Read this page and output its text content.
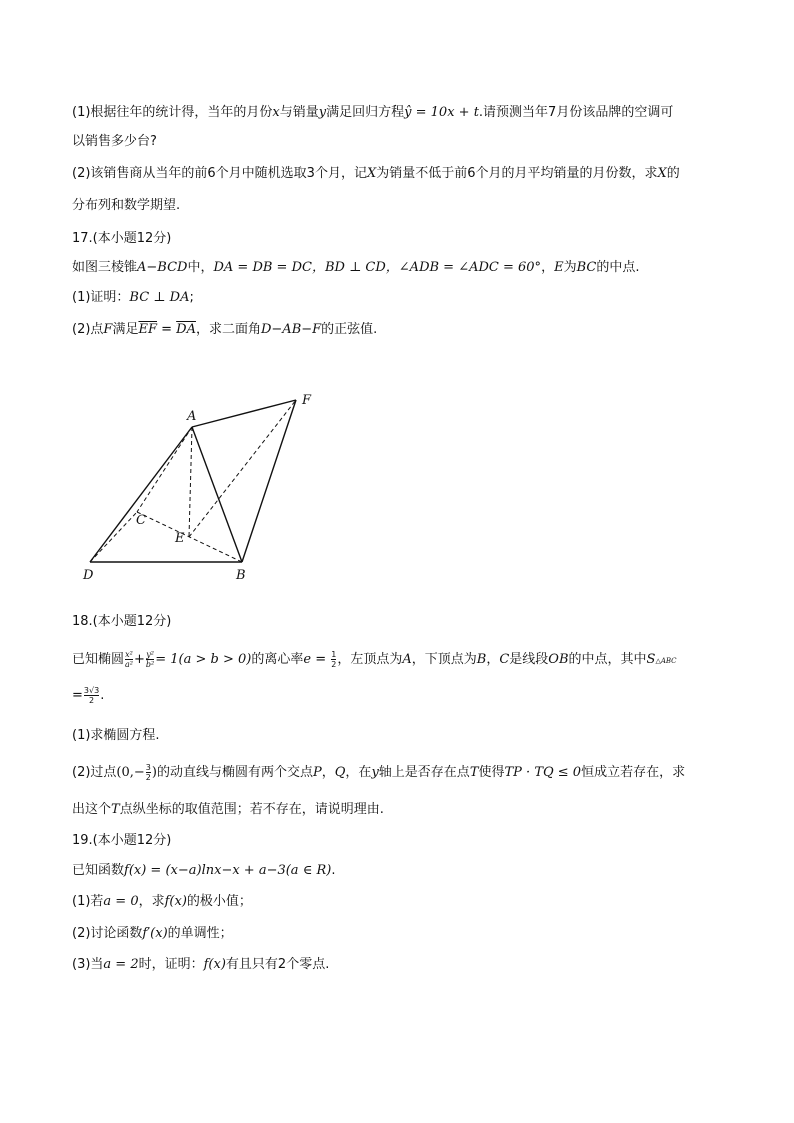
(1)根据往年的统计得，当年的月份x与销量y满足回归方程ŷ = 10x + t.请预测当年7月份该品牌的空调可
以销售多少台?
(2)该销售商从当年的前6个月中随机选取3个月，记X为销量不低于前6个月的月平均销量的月份数，求X的
分布列和数学期望.
17.(本小题12分)
如图三棱锥A−BCD中，DA = DB = DC，BD ⊥ CD，∠ADB = ∠ADC = 60°，E为BC的中点.
(1)证明：BC ⊥ DA;
(2)点F满足$\overline{EF} = \overline{DA}$，求二面角D−AB−F的正弦值.
A
F
C
E
D	B
18.(本小题12分)
已知椭圆 $\frac{\text{x²}}{\text{a²}} + \frac{\text{y²}}{\text{b²}} = 1(a > b > 0)$的离心率$e = \frac{1}{2}$ ，左顶点为A，下顶点为B，C是线段OB的中点，其中S△ABC
= $\frac{3√3}{2}$ .
(1)求椭圆方程.
(2)过点($0,- \frac{3}{2}$ )的动直线与椭圆有两个交点P，Q，在y轴上是否存在点T使得TP · TQ ≤ 0恒成立若存在，求
出这个T点纵坐标的取值范围；若不存在，请说明理由.
19.(本小题12分)
已知函数f(x) = (x−a)lnx−x + a−3(a ∈ R).
(1)若a = 0，求f(x)的极小值；
(2)讨论函数f′(x)的单调性；
(3)当a = 2时，证明：f(x)有且只有2个零点.
